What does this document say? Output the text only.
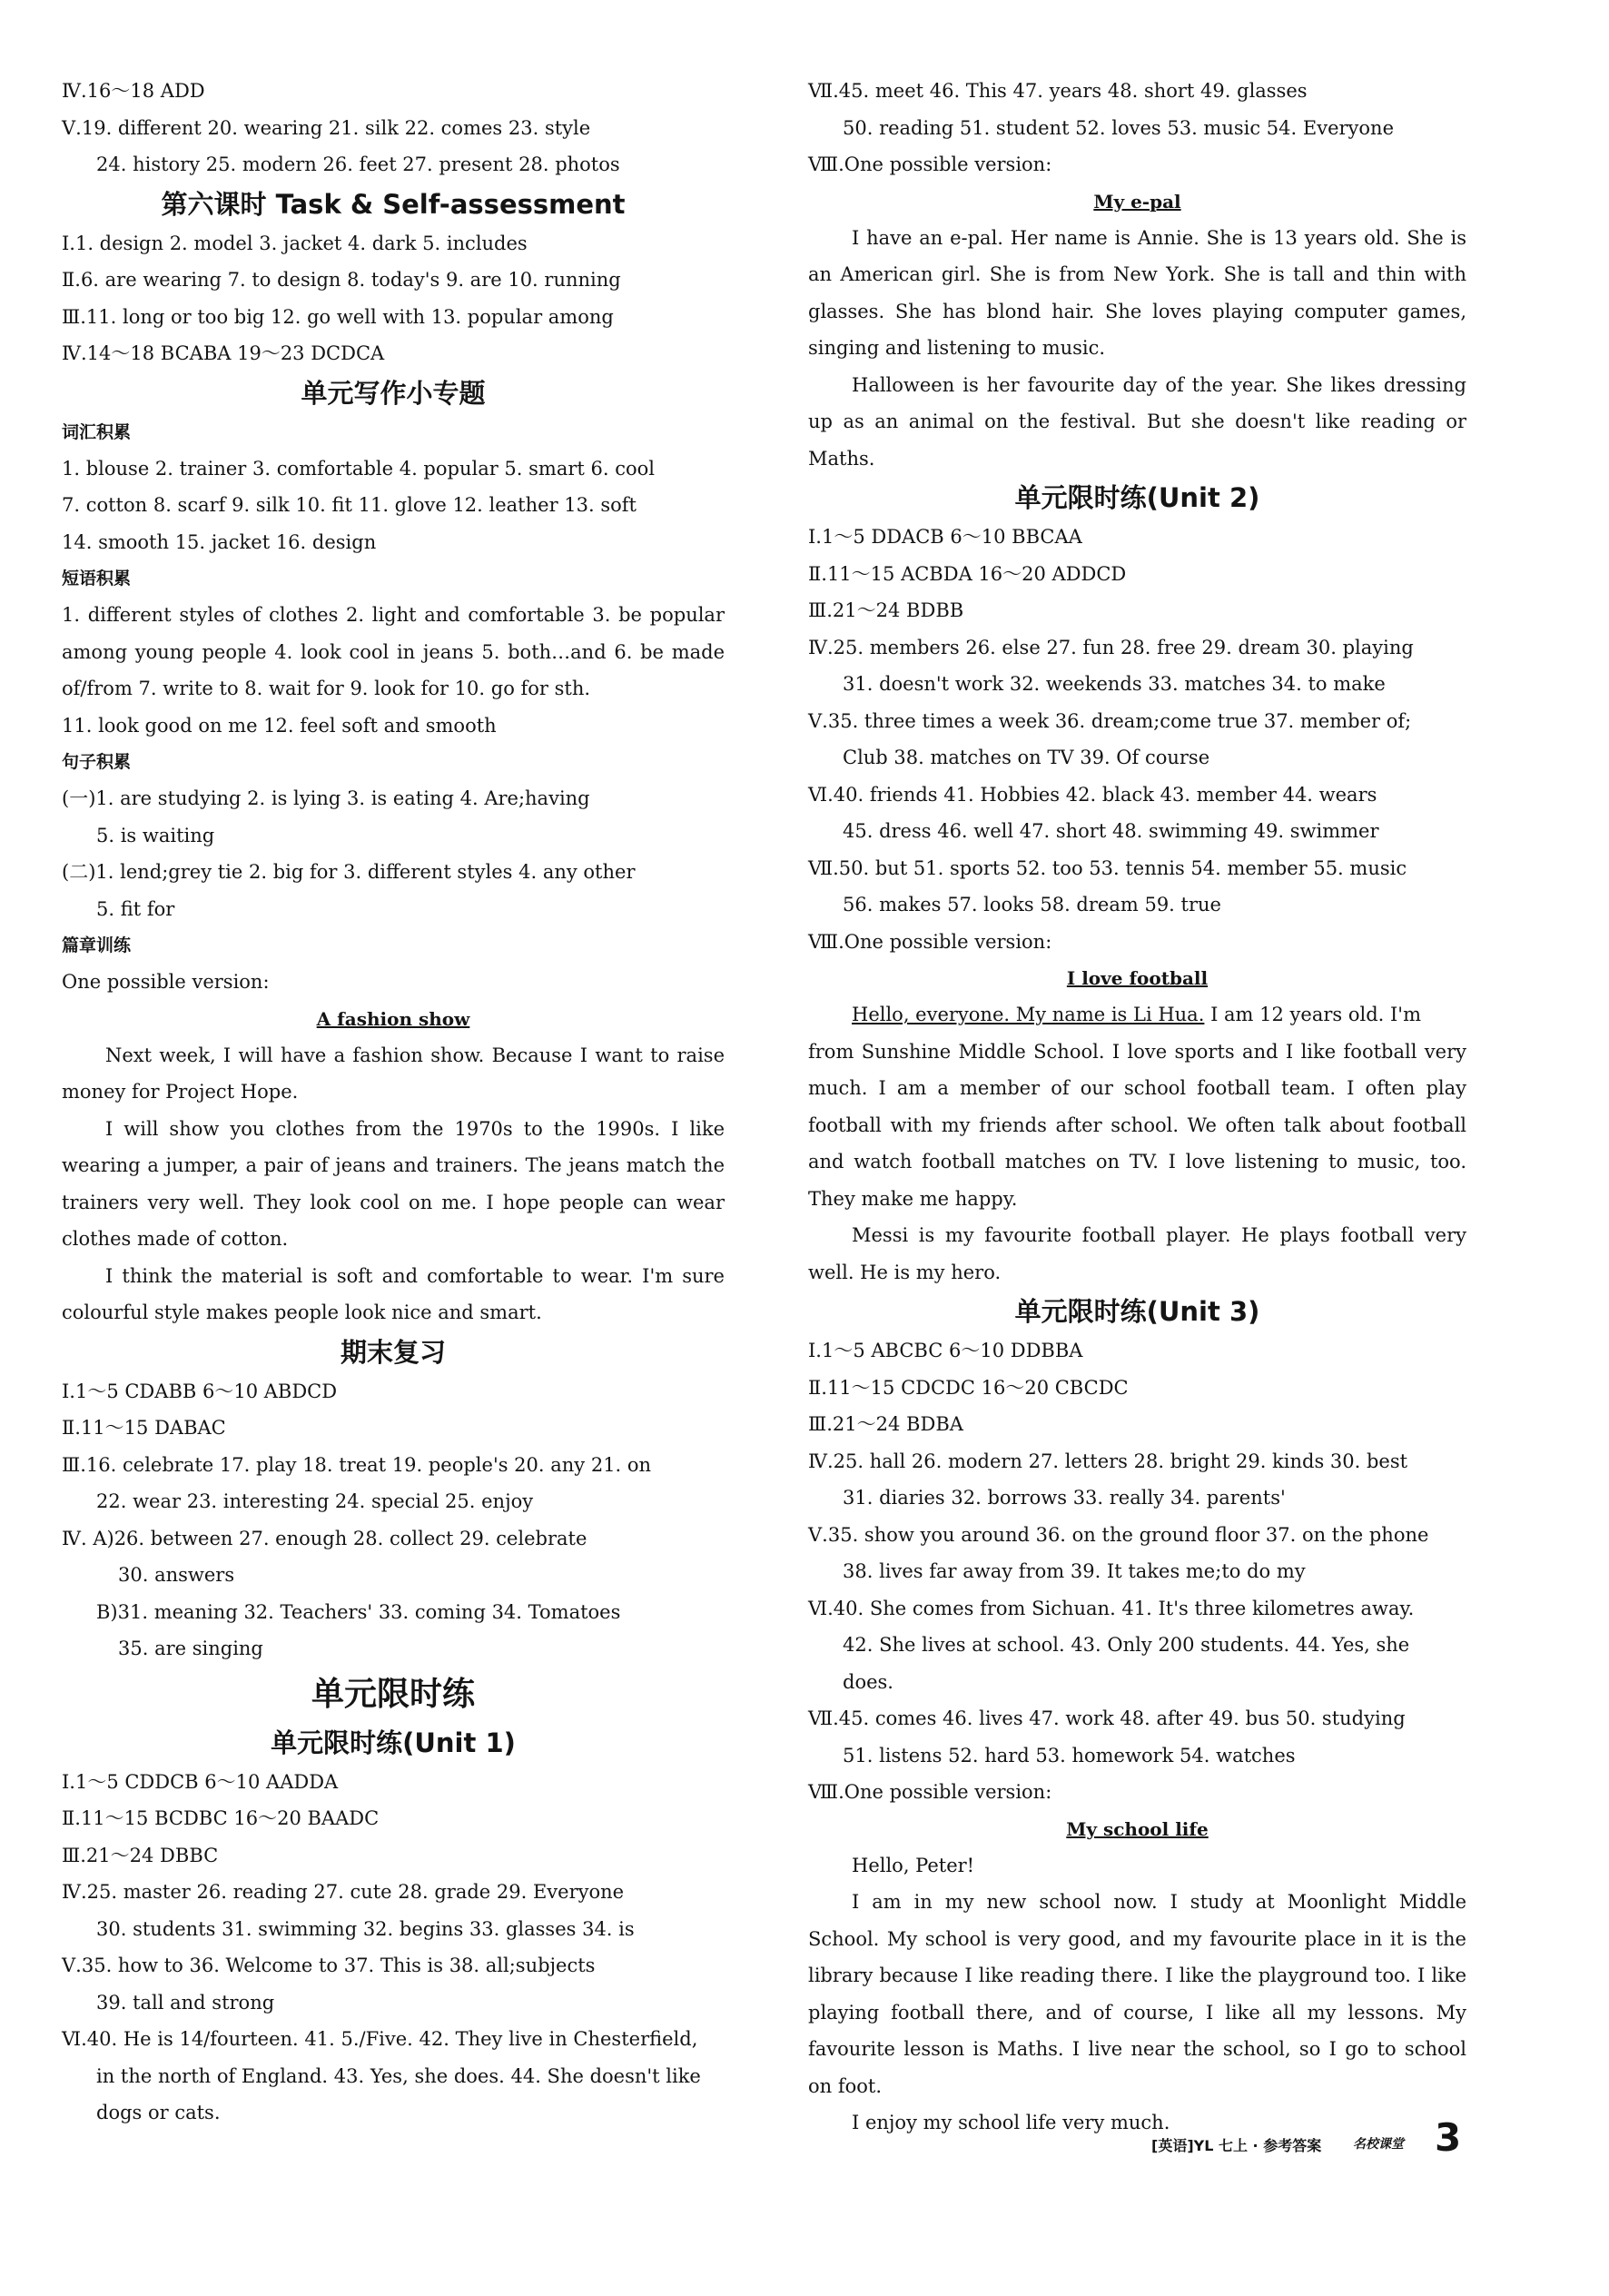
Ⅳ.16～18 ADD
Ⅴ.19. different 20. wearing 21. silk 22. comes 23. style
24. history 25. modern 26. feet 27. present 28. photos
第六课时 Task & Self-assessment
Ⅰ.1. design 2. model 3. jacket 4. dark 5. includes
Ⅱ.6. are wearing 7. to design 8. today's 9. are 10. running
Ⅲ.11. long or too big 12. go well with 13. popular among
Ⅳ.14～18 BCABA 19～23 DCDCA
单元写作小专题
词汇积累
1. blouse 2. trainer 3. comfortable 4. popular 5. smart 6. cool
7. cotton 8. scarf 9. silk 10. fit 11. glove 12. leather 13. soft
14. smooth 15. jacket 16. design
短语积累
1. different styles of clothes 2. light and comfortable 3. be popular
among young people 4. look cool in jeans 5. both…and 6. be made
of/from 7. write to 8. wait for 9. look for 10. go for sth.
11. look good on me 12. feel soft and smooth
句子积累
(一)1. are studying 2. is lying 3. is eating 4. Are;having
5. is waiting
(二)1. lend;grey tie 2. big for 3. different styles 4. any other
5. fit for
篇章训练
One possible version:
A fashion show
Next week, I will have a fashion show. Because I want to raise
money for Project Hope.
I will show you clothes from the 1970s to the 1990s. I like
wearing a jumper, a pair of jeans and trainers. The jeans match the
trainers very well. They look cool on me. I hope people can wear
clothes made of cotton.
I think the material is soft and comfortable to wear. I'm sure
colourful style makes people look nice and smart.
期末复习
Ⅰ.1～5 CDABB 6～10 ABDCD
Ⅱ.11～15 DABAC
Ⅲ.16. celebrate 17. play 18. treat 19. people's 20. any 21. on
22. wear 23. interesting 24. special 25. enjoy
Ⅳ. A)26. between 27. enough 28. collect 29. celebrate
30. answers
B)31. meaning 32. Teachers' 33. coming 34. Tomatoes
35. are singing
单元限时练
单元限时练(Unit 1)
Ⅰ.1～5 CDDCB 6～10 AADDA
Ⅱ.11～15 BCDBC 16～20 BAADC
Ⅲ.21～24 DBBC
Ⅳ.25. master 26. reading 27. cute 28. grade 29. Everyone
30. students 31. swimming 32. begins 33. glasses 34. is
Ⅴ.35. how to 36. Welcome to 37. This is 38. all;subjects
39. tall and strong
Ⅵ.40. He is 14/fourteen. 41. 5./Five. 42. They live in Chesterfield,
in the north of England. 43. Yes, she does. 44. She doesn't like
dogs or cats.
Ⅶ.45. meet 46. This 47. years 48. short 49. glasses
50. reading 51. student 52. loves 53. music 54. Everyone
Ⅷ.One possible version:
My e-pal
I have an e-pal. Her name is Annie. She is 13 years old. She is
an American girl. She is from New York. She is tall and thin with
glasses. She has blond hair. She loves playing computer games,
singing and listening to music.
Halloween is her favourite day of the year. She likes dressing
up as an animal on the festival. But she doesn't like reading or
Maths.
单元限时练(Unit 2)
Ⅰ.1～5 DDACB 6～10 BBCAA
Ⅱ.11～15 ACBDA 16～20 ADDCD
Ⅲ.21～24 BDBB
Ⅳ.25. members 26. else 27. fun 28. free 29. dream 30. playing
31. doesn't work 32. weekends 33. matches 34. to make
Ⅴ.35. three times a week 36. dream;come true 37. member of;
Club 38. matches on TV 39. Of course
Ⅵ.40. friends 41. Hobbies 42. black 43. member 44. wears
45. dress 46. well 47. short 48. swimming 49. swimmer
Ⅶ.50. but 51. sports 52. too 53. tennis 54. member 55. music
56. makes 57. looks 58. dream 59. true
Ⅷ.One possible version:
I love football
Hello, everyone. My name is Li Hua. I am 12 years old. I'm
from Sunshine Middle School. I love sports and I like football very
much. I am a member of our school football team. I often play
football with my friends after school. We often talk about football
and watch football matches on TV. I love listening to music, too.
They make me happy.
Messi is my favourite football player. He plays football very
well. He is my hero.
单元限时练(Unit 3)
Ⅰ.1～5 ABCBC 6～10 DDBBA
Ⅱ.11～15 CDCDC 16～20 CBCDC
Ⅲ.21～24 BDBA
Ⅳ.25. hall 26. modern 27. letters 28. bright 29. kinds 30. best
31. diaries 32. borrows 33. really 34. parents'
Ⅴ.35. show you around 36. on the ground floor 37. on the phone
38. lives far away from 39. It takes me;to do my
Ⅵ.40. She comes from Sichuan. 41. It's three kilometres away.
42. She lives at school. 43. Only 200 students. 44. Yes, she
does.
Ⅶ.45. comes 46. lives 47. work 48. after 49. bus 50. studying
51. listens 52. hard 53. homework 54. watches
Ⅷ.One possible version:
My school life
Hello, Peter!
I am in my new school now. I study at Moonlight Middle
School. My school is very good, and my favourite place in it is the
library because I like reading there. I like the playground too. I like
playing football there, and of course, I like all my lessons. My
favourite lesson is Maths. I live near the school, so I go to school
on foot.
I enjoy my school life very much.
[英语]YL 七上 · 参考答案 名校课堂 3
